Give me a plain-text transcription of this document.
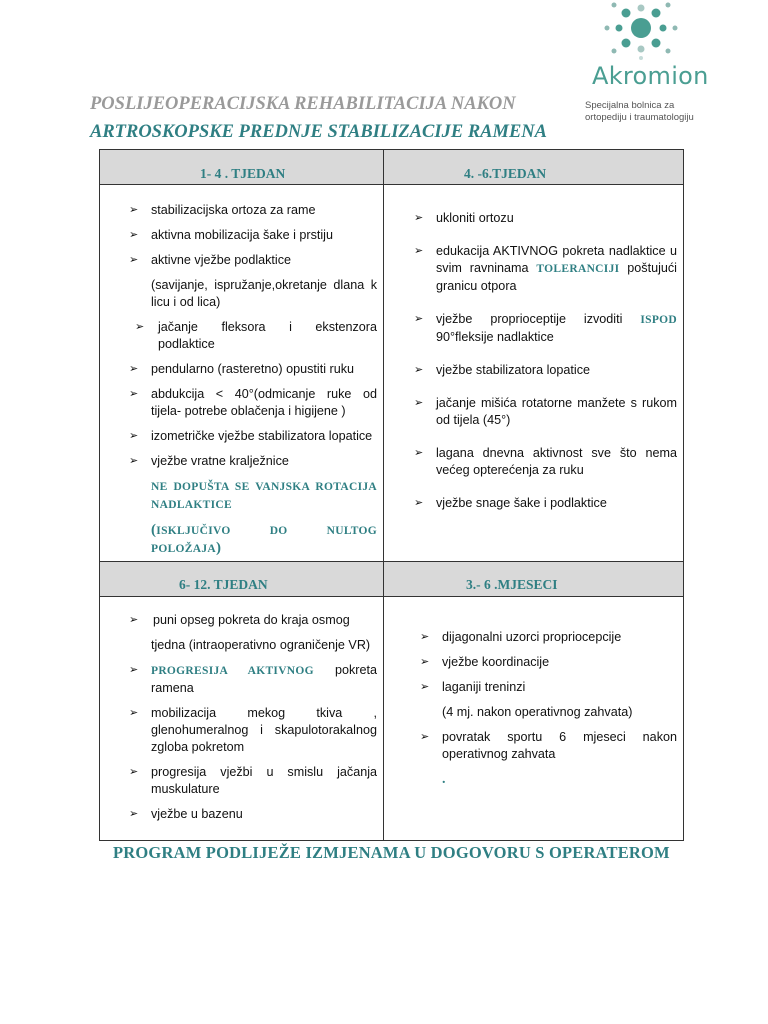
Akromion
Specijalna bolnica za
ortopediju i traumatologiju
POSLIJEOPERACIJSKA REHABILITACIJA NAKON
ARTROSKOPSKE PREDNJE STABILIZACIJE RAMENA
1- 4 . TJEDAN	4. -6.TJEDAN
6- 12. TJEDAN	3.- 6 .MJESECI
➢ stabilizacijska ortoza za rame
➢ aktivna mobilizacija šake i prstiju
➢ aktivne vježbe podlaktice
(savijanje, ispružanje,okretanje dlana k licu i od lica)
➢ jačanje fleksora i ekstenzora podlaktice
➢ pendularno (rasteretno) opustiti ruku
➢ abdukcija < 40°(odmicanje ruke od tijela- potrebe oblačenja i higijene )
➢ izometričke vježbe stabilizatora lopatice
➢ vježbe vratne kralježnice
NE DOPUŠTA SE VANJSKA ROTACIJA NADLAKTICE
(ISKLJUČIVO DO NULTOG POLOŽAJA)
➢ ukloniti ortozu
➢ edukacija AKTIVNOG pokreta nadlaktice u svim ravninama TOLERANCIJI poštujući granicu otpora
➢ vježbe proprioceptije izvoditi ISPOD 90°fleksije nadlaktice
➢ vježbe stabilizatora lopatice
➢ jačanje mišića rotatorne manžete s rukom od tijela (45°)
➢ lagana dnevna aktivnost sve što nema većeg opterećenja za ruku
➢ vježbe snage šake i podlaktice
➢ puni opseg pokreta do kraja osmog
tjedna (intraoperativno ograničenje VR)
➢ PROGRESIJA AKTIVNOG pokreta ramena
➢ mobilizacija mekog tkiva , glenohumeralnog i skapulotorakalnog zgloba pokretom
➢ progresija vježbi u smislu jačanja muskulature
➢ vježbe u bazenu
➢ dijagonalni uzorci propriocepcije
➢ vježbe koordinacije
➢ laganiji treninzi
(4 mj. nakon operativnog zahvata)
➢ povratak sportu 6 mjeseci nakon operativnog zahvata
.
PROGRAM PODLIJEŽE IZMJENAMA U DOGOVORU S OPERATEROM
